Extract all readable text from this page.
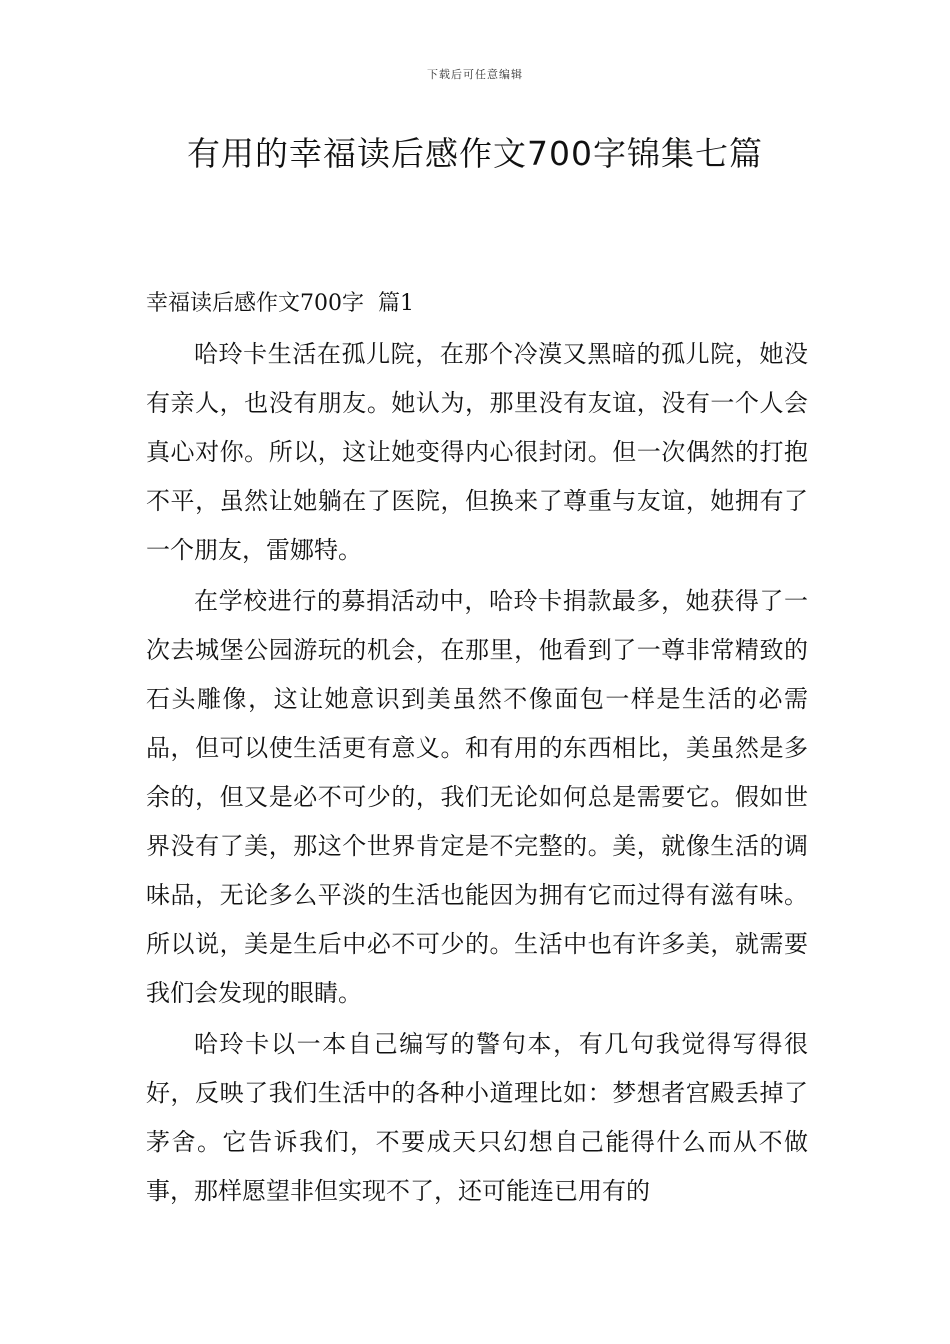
下载后可任意编辑
有用的幸福读后感作文700字锦集七篇
幸福读后感作文700字  篇1

哈玲卡生活在孤儿院，在那个冷漠又黑暗的孤儿院，她没有亲人，也没有朋友。她认为，那里没有友谊，没有一个人会真心对你。所以，这让她变得内心很封闭。但一次偶然的打抱不平，虽然让她躺在了医院，但换来了尊重与友谊，她拥有了一个朋友，雷娜特。

在学校进行的募捐活动中，哈玲卡捐款最多，她获得了一次去城堡公园游玩的机会，在那里，他看到了一尊非常精致的石头雕像，这让她意识到美虽然不像面包一样是生活的必需品，但可以使生活更有意义。和有用的东西相比，美虽然是多余的，但又是必不可少的，我们无论如何总是需要它。假如世界没有了美，那这个世界肯定是不完整的。美，就像生活的调味品，无论多么平淡的生活也能因为拥有它而过得有滋有味。所以说，美是生后中必不可少的。生活中也有许多美，就需要我们会发现的眼睛。

哈玲卡以一本自己编写的警句本，有几句我觉得写得很好，反映了我们生活中的各种小道理比如：梦想者宫殿丢掉了茅舍。它告诉我们，不要成天只幻想自己能得什么而从不做事，那样愿望非但实现不了，还可能连已用有的
